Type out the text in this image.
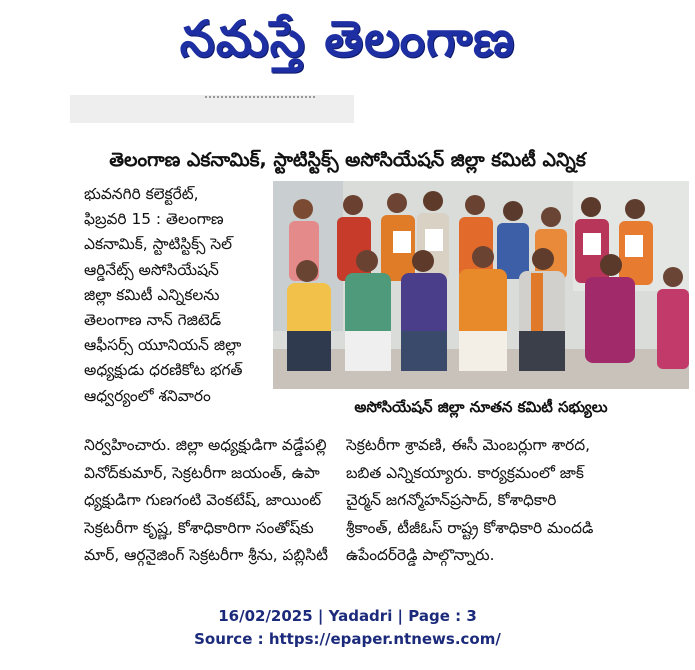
నమస్తే తెలంగాణ
తెలంగాణ ఎకనామిక్, స్టాటిస్టిక్స్ అసోసియేషన్ జిల్లా కమిటీ ఎన్నిక
భువనగిరి కలెక్టరేట్,
ఫిబ్రవరి 15 : తెలంగాణ
ఎకనామిక్, స్టాటిస్టిక్స్ సెల్
ఆర్డినేట్స్ అసోసియేషన్
జిల్లా కమిటీ ఎన్నికలను
తెలంగాణ నాన్ గెజిటెడ్
ఆఫీసర్స్ యూనియన్ జిల్లా
అధ్యక్షుడు ధరణికోట భగత్
ఆధ్వర్యంలో శనివారం
అసోసియేషన్ జిల్లా నూతన కమిటీ సభ్యులు
నిర్వహించారు. జిల్లా అధ్యక్షుడిగా వడ్డేపల్లి
వినోద్‌కుమార్, సెక్రటరీగా జయంత్, ఉపా
ధ్యక్షుడిగా గుణగంటి వెంకటేష్, జాయింట్
సెక్రటరీగా కృష్ణ, కోశాధికారిగా సంతోష్‌కు
మార్, ఆర్గనైజింగ్ సెక్రటరీగా శ్రీను, పబ్లిసిటీ
సెక్రటరీగా శ్రావణి, ఈసీ మెంబర్లుగా శారద,
బబిత ఎన్నికయ్యారు. కార్యక్రమంలో జాక్
చైర్మన్ జగన్మోహన్‌ప్రసాద్, కోశాధికారి
శ్రీకాంత్, టీజీఓస్ రాష్ట్ర కోశాధికారి మందడి
ఉపేందర్‌రెడ్డి పాల్గొన్నారు.
16/02/2025 | Yadadri | Page : 3
Source : https://epaper.ntnews.com/
